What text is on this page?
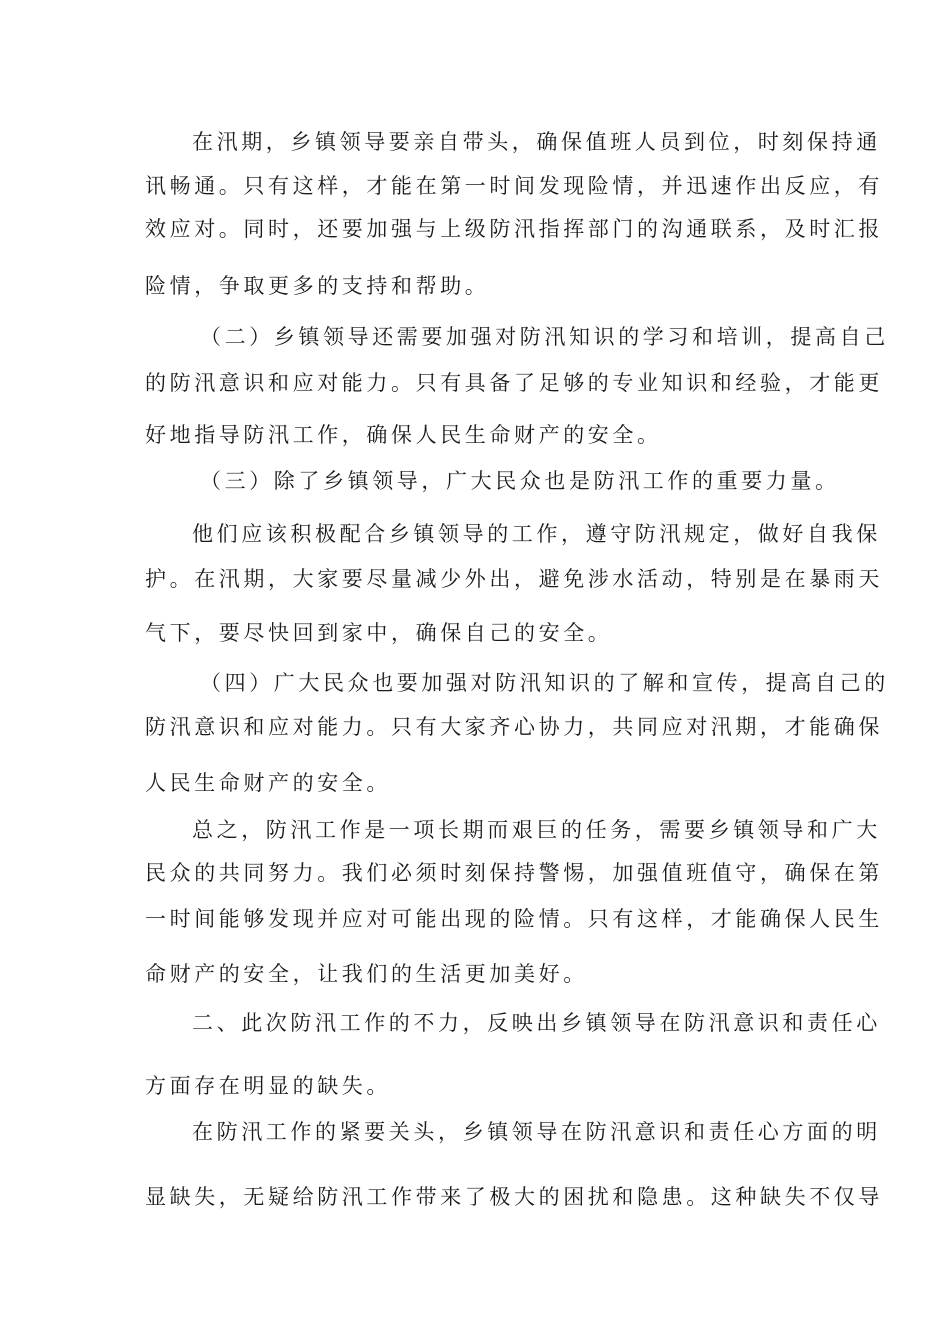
在汛期，乡镇领导要亲自带头，确保值班人员到位，时刻保持通
讯畅通。只有这样，才能在第一时间发现险情，并迅速作出反应，有
效应对。同时，还要加强与上级防汛指挥部门的沟通联系，及时汇报
险情，争取更多的支持和帮助。
（二）乡镇领导还需要加强对防汛知识的学习和培训，提高自己
的防汛意识和应对能力。只有具备了足够的专业知识和经验，才能更
好地指导防汛工作，确保人民生命财产的安全。
（三）除了乡镇领导，广大民众也是防汛工作的重要力量。
他们应该积极配合乡镇领导的工作，遵守防汛规定，做好自我保
护。在汛期，大家要尽量减少外出，避免涉水活动，特别是在暴雨天
气下，要尽快回到家中，确保自己的安全。
（四）广大民众也要加强对防汛知识的了解和宣传，提高自己的
防汛意识和应对能力。只有大家齐心协力，共同应对汛期，才能确保
人民生命财产的安全。
总之，防汛工作是一项长期而艰巨的任务，需要乡镇领导和广大
民众的共同努力。我们必须时刻保持警惕，加强值班值守，确保在第
一时间能够发现并应对可能出现的险情。只有这样，才能确保人民生
命财产的安全，让我们的生活更加美好。
二、此次防汛工作的不力，反映出乡镇领导在防汛意识和责任心
方面存在明显的缺失。
在防汛工作的紧要关头，乡镇领导在防汛意识和责任心方面的明
显缺失，无疑给防汛工作带来了极大的困扰和隐患。这种缺失不仅导
